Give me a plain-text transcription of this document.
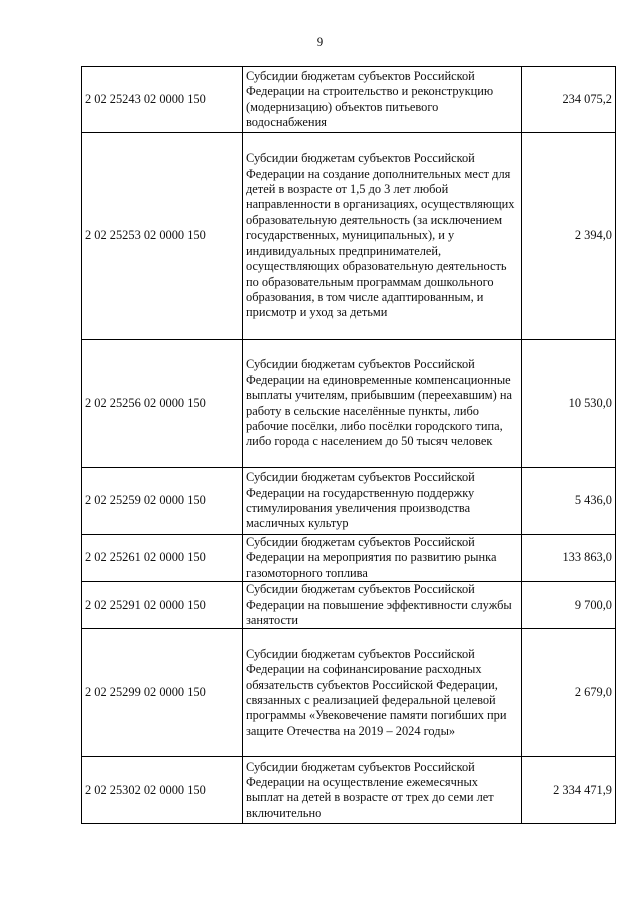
9
2 02 25243 02 0000 150	Субсидии бюджетам субъектов Российской Федерации на строительство и реконструкцию (модернизацию) объектов питьевого водоснабжения	234 075,2
2 02 25253 02 0000 150	Субсидии бюджетам субъектов Российской Федерации на создание дополнительных мест для детей в возрасте от 1,5 до 3 лет любой направленности в организациях, осуществляющих образовательную деятельность (за исключением государственных, муниципальных), и у индивидуальных предпринимателей, осуществляющих образовательную деятельность по образовательным программам дошкольного образования, в том числе адаптированным, и присмотр и уход за детьми	2 394,0
2 02 25256 02 0000 150	Субсидии бюджетам субъектов Российской Федерации на единовременные компенсационные выплаты учителям, прибывшим (переехавшим) на работу в сельские населённые пункты, либо рабочие посёлки, либо посёлки городского типа, либо города с населением до 50 тысяч человек	10 530,0
2 02 25259 02 0000 150	Субсидии бюджетам субъектов Российской Федерации на государственную поддержку стимулирования увеличения производства масличных культур	5 436,0
2 02 25261 02 0000 150	Субсидии бюджетам субъектов Российской Федерации на мероприятия по развитию рынка газомоторного топлива	133 863,0
2 02 25291 02 0000 150	Субсидии бюджетам субъектов Российской Федерации на повышение эффективности службы занятости	9 700,0
2 02 25299 02 0000 150	Субсидии бюджетам субъектов Российской Федерации на софинансирование расходных обязательств субъектов Российской Федерации, связанных с реализацией федеральной целевой программы «Увековечение памяти погибших при защите Отечества на 2019 – 2024 годы»	2 679,0
2 02 25302 02 0000 150	Субсидии бюджетам субъектов Российской Федерации на осуществление ежемесячных выплат на детей в возрасте от трех до семи лет включительно	2 334 471,9
